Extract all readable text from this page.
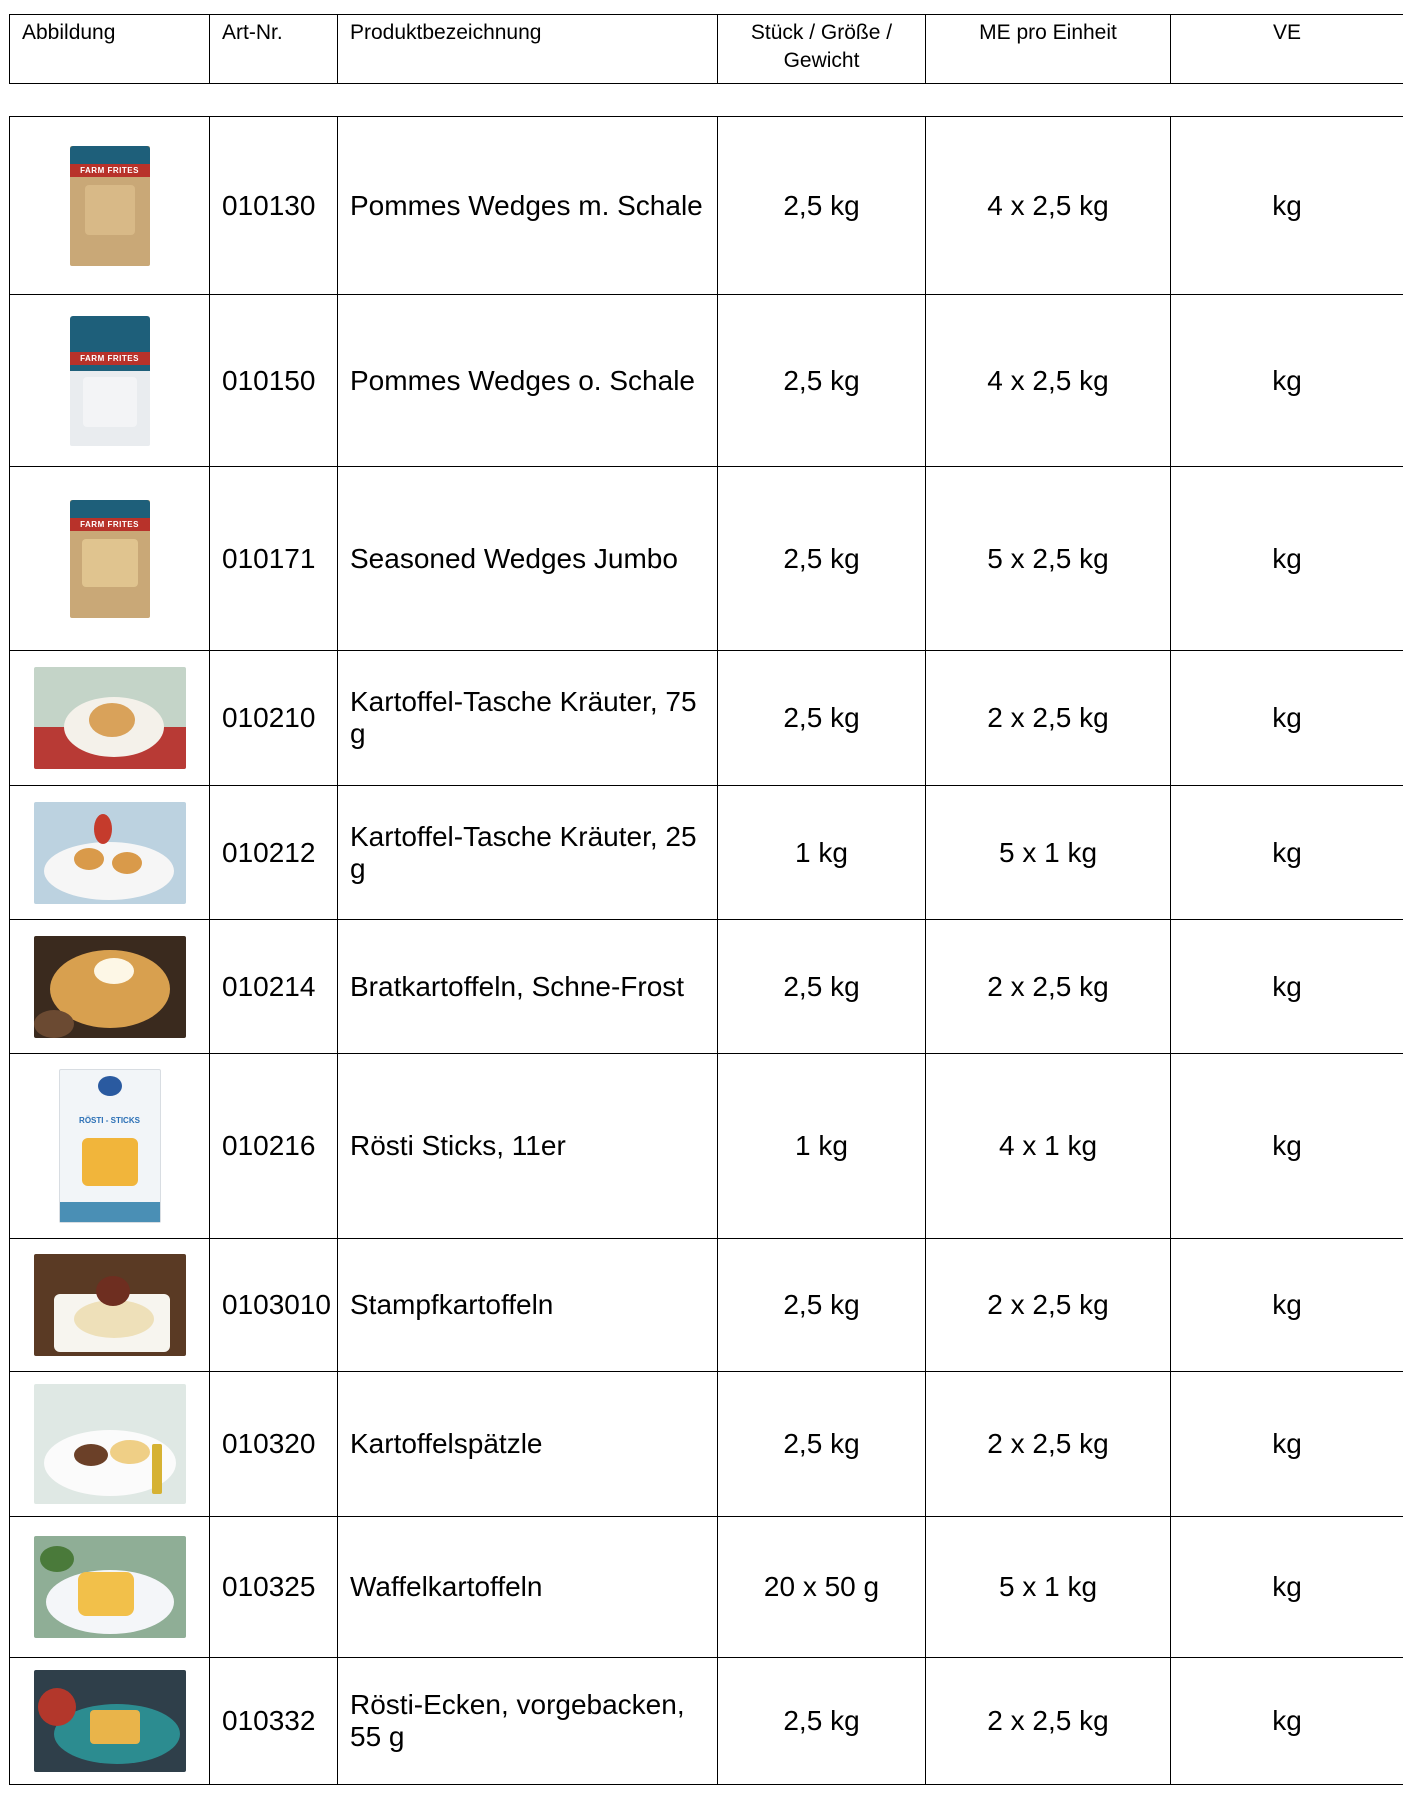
Abbildung	Art-Nr.	Produktbezeichnung	Stück / Größe / Gewicht	ME pro Einheit	VE
FARM FRITES	010130	Pommes Wedges m. Schale	2,5 kg	4 x 2,5 kg	kg

FARM FRITES	010150	Pommes Wedges o. Schale	2,5 kg	4 x 2,5 kg	kg

FARM FRITES	010171	Seasoned Wedges Jumbo	2,5 kg	5 x 2,5 kg	kg

	010210	Kartoffel-Tasche Kräuter, 75 g	2,5 kg	2 x 2,5 kg	kg

	010212	Kartoffel-Tasche Kräuter, 25 g	1 kg	5 x 1 kg	kg

	010214	Bratkartoffeln, Schne-Frost	2,5 kg	2 x 2,5 kg	kg

RÖSTI - STICKS	010216	Rösti Sticks, 11er	1 kg	4 x 1 kg	kg

	0103010	Stampfkartoffeln	2,5 kg	2 x 2,5 kg	kg

	010320	Kartoffelspätzle	2,5 kg	2 x 2,5 kg	kg

	010325	Waffelkartoffeln	20 x 50 g	5 x 1 kg	kg

	010332	Rösti-Ecken, vorgebacken, 55 g	2,5 kg	2 x 2,5 kg	kg
